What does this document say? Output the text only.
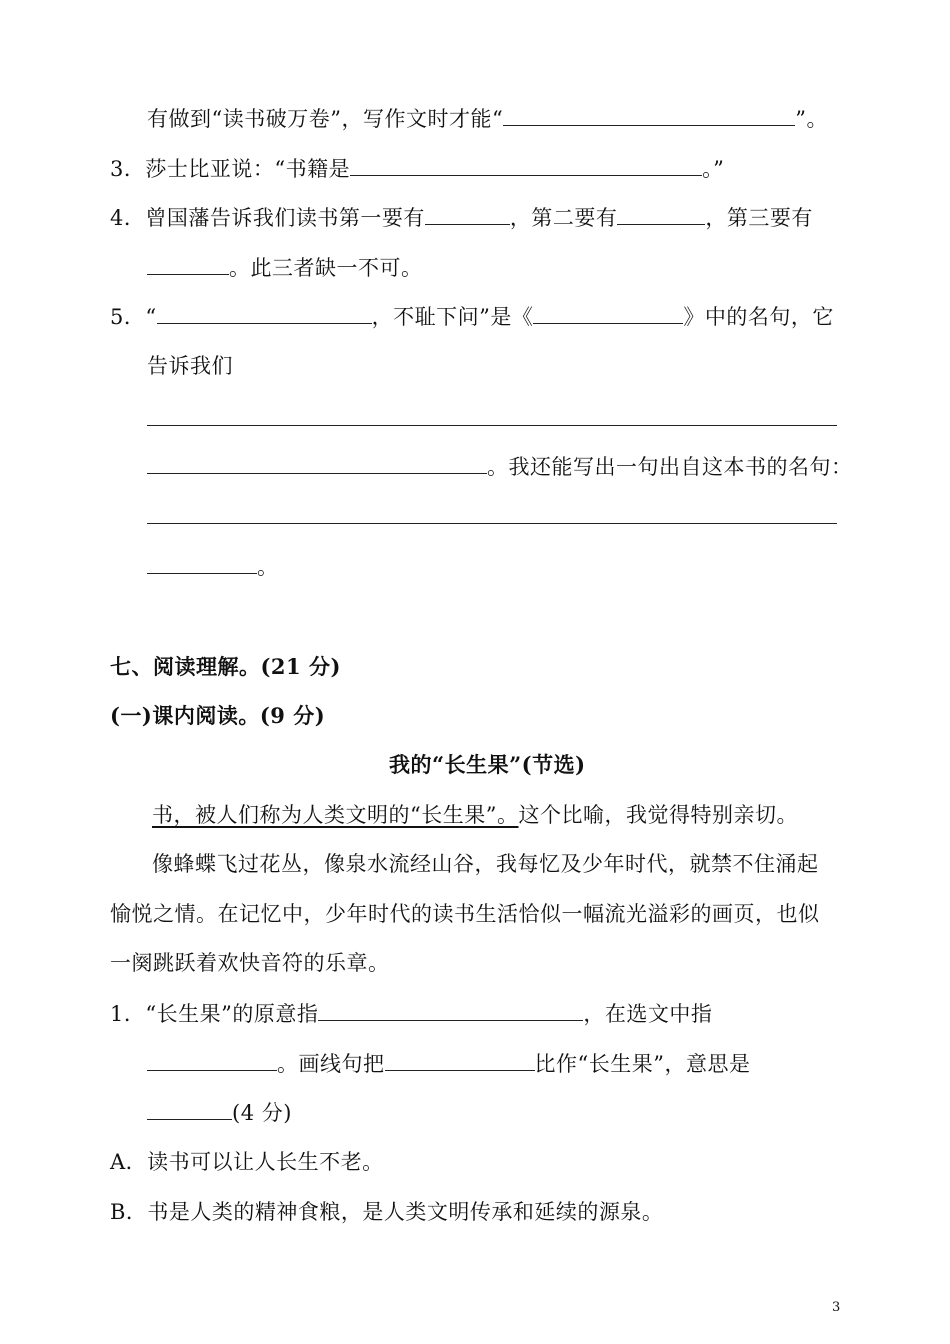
有做到“读书破万卷”，写作文时才能“	”。
3．莎士比亚说：“书籍是	。”
4．曾国藩告诉我们读书第一要有	，第二要有	，第三要有
。此三者缺一不可。
5．“	，不耻下问”是《	》中的名句，它
告诉我们
。我还能写出一句出自这本书的名句：
。
七、阅读理解。(21 分)
(一)课内阅读。(9 分)
我的“长生果”(节选)
书，被人们称为人类文明的“长生果”。这个比喻，我觉得特别亲切。
像蜂蝶飞过花丛，像泉水流经山谷，我每忆及少年时代，就禁不住涌起
愉悦之情。在记忆中，少年时代的读书生活恰似一幅流光溢彩的画页，也似
一阕跳跃着欢快音符的乐章。
1．“长生果”的原意指	，在选文中指
。画线句把	比作“长生果”，意思是
(4 分)
A．读书可以让人长生不老。
B．书是人类的精神食粮，是人类文明传承和延续的源泉。
3
